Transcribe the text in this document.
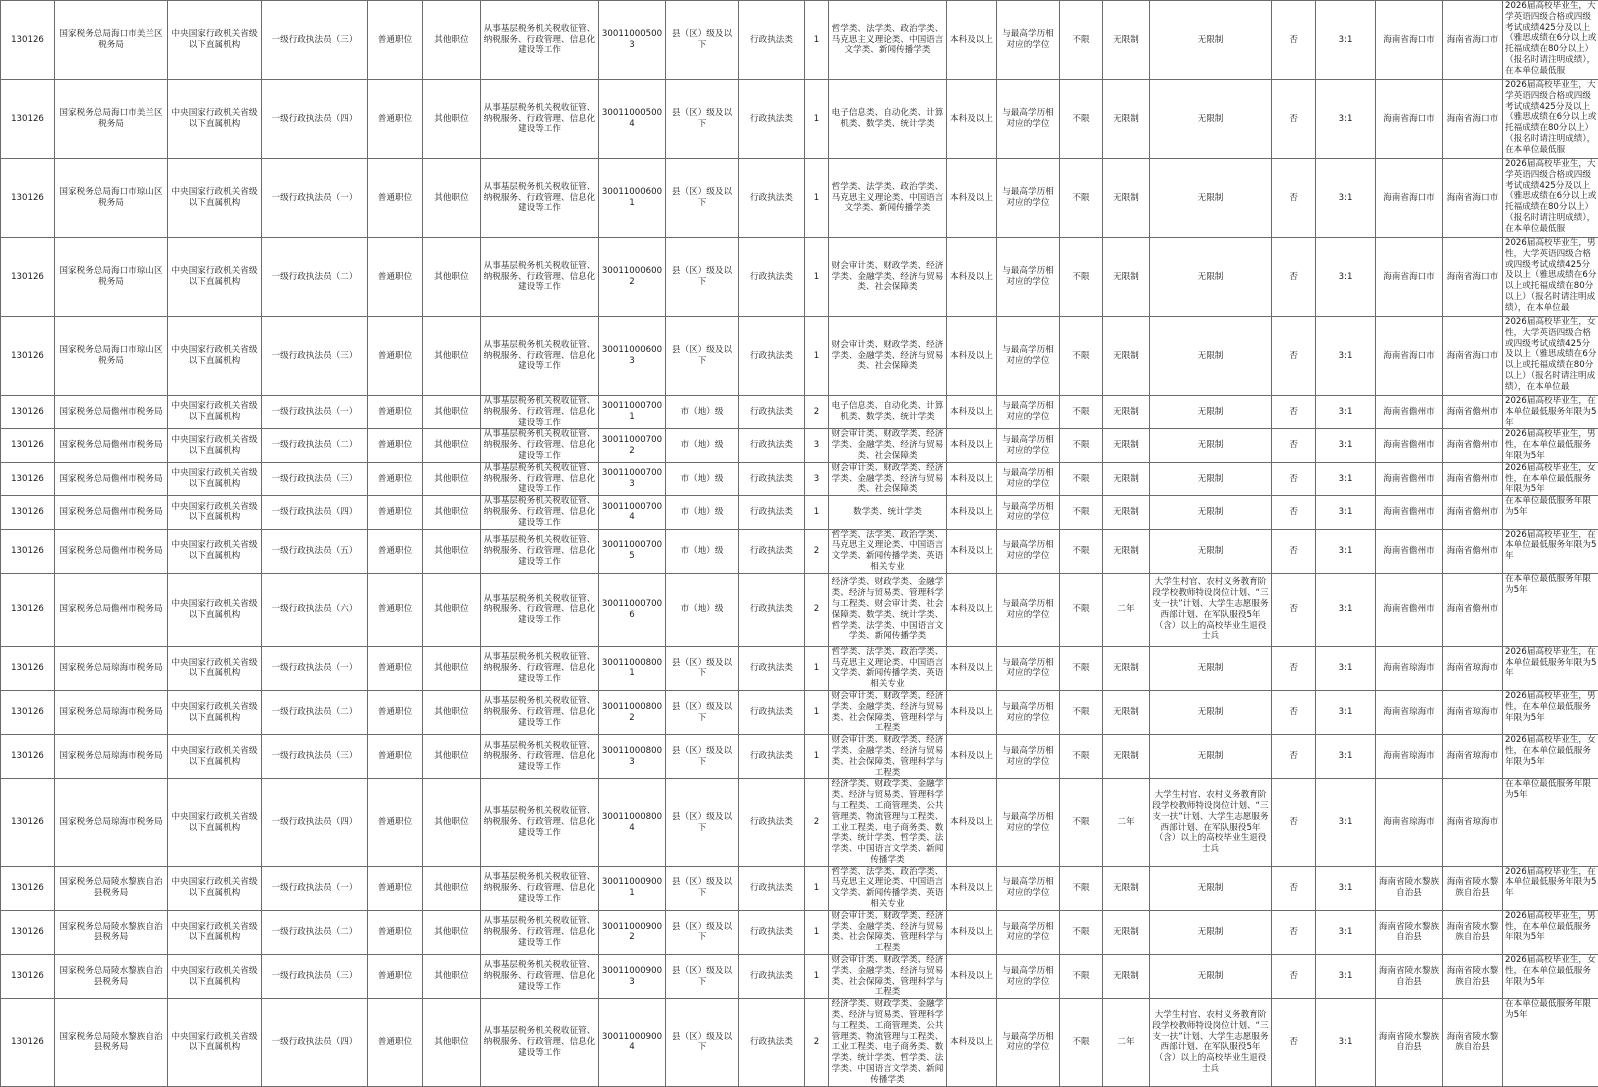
130126	国家税务总局海口市美兰区税务局	中央国家行政机关省级以下直属机构	一级行政执法员（三）	普通职位	其他职位	从事基层税务机关税收征管、纳税服务、行政管理、信息化建设等工作	300110005003	县（区）级及以下	行政执法类	1	哲学类、法学类、政治学类、马克思主义理论类、中国语言文学类、新闻传播学类	本科及以上	与最高学历相对应的学位	不限	无限制	无限制	否	3:1	海南省海口市	海南省海口市	2026届高校毕业生，大学英语四级合格或四级考试成绩425分及以上（雅思成绩在6分以上或托福成绩在80分以上）（报名时请注明成绩），在本单位最低服
130126	国家税务总局海口市美兰区税务局	中央国家行政机关省级以下直属机构	一级行政执法员（四）	普通职位	其他职位	从事基层税务机关税收征管、纳税服务、行政管理、信息化建设等工作	300110005004	县（区）级及以下	行政执法类	1	电子信息类、自动化类、计算机类、数学类、统计学类	本科及以上	与最高学历相对应的学位	不限	无限制	无限制	否	3:1	海南省海口市	海南省海口市	2026届高校毕业生，大学英语四级合格或四级考试成绩425分及以上（雅思成绩在6分以上或托福成绩在80分以上）（报名时请注明成绩），在本单位最低服
130126	国家税务总局海口市琼山区税务局	中央国家行政机关省级以下直属机构	一级行政执法员（一）	普通职位	其他职位	从事基层税务机关税收征管、纳税服务、行政管理、信息化建设等工作	300110006001	县（区）级及以下	行政执法类	1	哲学类、法学类、政治学类、马克思主义理论类、中国语言文学类、新闻传播学类	本科及以上	与最高学历相对应的学位	不限	无限制	无限制	否	3:1	海南省海口市	海南省海口市	2026届高校毕业生，大学英语四级合格或四级考试成绩425分及以上（雅思成绩在6分以上或托福成绩在80分以上）（报名时请注明成绩），在本单位最低服
130126	国家税务总局海口市琼山区税务局	中央国家行政机关省级以下直属机构	一级行政执法员（二）	普通职位	其他职位	从事基层税务机关税收征管、纳税服务、行政管理、信息化建设等工作	300110006002	县（区）级及以下	行政执法类	1	财会审计类、财政学类、经济学类、金融学类、经济与贸易类、社会保障类	本科及以上	与最高学历相对应的学位	不限	无限制	无限制	否	3:1	海南省海口市	海南省海口市	2026届高校毕业生，男性，大学英语四级合格或四级考试成绩425分及以上（雅思成绩在6分以上或托福成绩在80分以上）（报名时请注明成绩），在本单位最
130126	国家税务总局海口市琼山区税务局	中央国家行政机关省级以下直属机构	一级行政执法员（三）	普通职位	其他职位	从事基层税务机关税收征管、纳税服务、行政管理、信息化建设等工作	300110006003	县（区）级及以下	行政执法类	1	财会审计类、财政学类、经济学类、金融学类、经济与贸易类、社会保障类	本科及以上	与最高学历相对应的学位	不限	无限制	无限制	否	3:1	海南省海口市	海南省海口市	2026届高校毕业生，女性，大学英语四级合格或四级考试成绩425分及以上（雅思成绩在6分以上或托福成绩在80分以上）（报名时请注明成绩），在本单位最
130126	国家税务总局儋州市税务局	中央国家行政机关省级以下直属机构	一级行政执法员（一）	普通职位	其他职位	从事基层税务机关税收征管、纳税服务、行政管理、信息化建设等工作	300110007001	市（地）级	行政执法类	2	电子信息类、自动化类、计算机类、数学类、统计学类	本科及以上	与最高学历相对应的学位	不限	无限制	无限制	否	3:1	海南省儋州市	海南省儋州市	2026届高校毕业生，在本单位最低服务年限为5年
130126	国家税务总局儋州市税务局	中央国家行政机关省级以下直属机构	一级行政执法员（二）	普通职位	其他职位	从事基层税务机关税收征管、纳税服务、行政管理、信息化建设等工作	300110007002	市（地）级	行政执法类	3	财会审计类、财政学类、经济学类、金融学类、经济与贸易类、社会保障类	本科及以上	与最高学历相对应的学位	不限	无限制	无限制	否	3:1	海南省儋州市	海南省儋州市	2026届高校毕业生，男性，在本单位最低服务年限为5年
130126	国家税务总局儋州市税务局	中央国家行政机关省级以下直属机构	一级行政执法员（三）	普通职位	其他职位	从事基层税务机关税收征管、纳税服务、行政管理、信息化建设等工作	300110007003	市（地）级	行政执法类	3	财会审计类、财政学类、经济学类、金融学类、经济与贸易类、社会保障类	本科及以上	与最高学历相对应的学位	不限	无限制	无限制	否	3:1	海南省儋州市	海南省儋州市	2026届高校毕业生，女性，在本单位最低服务年限为5年
130126	国家税务总局儋州市税务局	中央国家行政机关省级以下直属机构	一级行政执法员（四）	普通职位	其他职位	从事基层税务机关税收征管、纳税服务、行政管理、信息化建设等工作	300110007004	市（地）级	行政执法类	1	数学类、统计学类	本科及以上	与最高学历相对应的学位	不限	无限制	无限制	否	3:1	海南省儋州市	海南省儋州市	在本单位最低服务年限为5年
130126	国家税务总局儋州市税务局	中央国家行政机关省级以下直属机构	一级行政执法员（五）	普通职位	其他职位	从事基层税务机关税收征管、纳税服务、行政管理、信息化建设等工作	300110007005	市（地）级	行政执法类	2	哲学类、法学类、政治学类、马克思主义理论类、中国语言文学类、新闻传播学类、英语相关专业	本科及以上	与最高学历相对应的学位	不限	无限制	无限制	否	3:1	海南省儋州市	海南省儋州市	2026届高校毕业生，在本单位最低服务年限为5年
130126	国家税务总局儋州市税务局	中央国家行政机关省级以下直属机构	一级行政执法员（六）	普通职位	其他职位	从事基层税务机关税收征管、纳税服务、行政管理、信息化建设等工作	300110007006	市（地）级	行政执法类	2	经济学类、财政学类、金融学类、经济与贸易类、管理科学与工程类、财会审计类、社会保障类、数学类、统计学类、哲学类、法学类、中国语言文学类、新闻传播学类	本科及以上	与最高学历相对应的学位	不限	二年	大学生村官、农村义务教育阶段学校教师特设岗位计划、“三支一扶”计划、大学生志愿服务西部计划、在军队服役5年（含）以上的高校毕业生退役士兵	否	3:1	海南省儋州市	海南省儋州市	在本单位最低服务年限为5年
130126	国家税务总局琼海市税务局	中央国家行政机关省级以下直属机构	一级行政执法员（一）	普通职位	其他职位	从事基层税务机关税收征管、纳税服务、行政管理、信息化建设等工作	300110008001	县（区）级及以下	行政执法类	1	哲学类、法学类、政治学类、马克思主义理论类、中国语言文学类、新闻传播学类、英语相关专业	本科及以上	与最高学历相对应的学位	不限	无限制	无限制	否	3:1	海南省琼海市	海南省琼海市	2026届高校毕业生，在本单位最低服务年限为5年
130126	国家税务总局琼海市税务局	中央国家行政机关省级以下直属机构	一级行政执法员（二）	普通职位	其他职位	从事基层税务机关税收征管、纳税服务、行政管理、信息化建设等工作	300110008002	县（区）级及以下	行政执法类	1	财会审计类、财政学类、经济学类、金融学类、经济与贸易类、社会保障类、管理科学与工程类	本科及以上	与最高学历相对应的学位	不限	无限制	无限制	否	3:1	海南省琼海市	海南省琼海市	2026届高校毕业生，男性，在本单位最低服务年限为5年
130126	国家税务总局琼海市税务局	中央国家行政机关省级以下直属机构	一级行政执法员（三）	普通职位	其他职位	从事基层税务机关税收征管、纳税服务、行政管理、信息化建设等工作	300110008003	县（区）级及以下	行政执法类	1	财会审计类、财政学类、经济学类、金融学类、经济与贸易类、社会保障类、管理科学与工程类	本科及以上	与最高学历相对应的学位	不限	无限制	无限制	否	3:1	海南省琼海市	海南省琼海市	2026届高校毕业生，女性，在本单位最低服务年限为5年
130126	国家税务总局琼海市税务局	中央国家行政机关省级以下直属机构	一级行政执法员（四）	普通职位	其他职位	从事基层税务机关税收征管、纳税服务、行政管理、信息化建设等工作	300110008004	县（区）级及以下	行政执法类	2	经济学类、财政学类、金融学类、经济与贸易类、管理科学与工程类、工商管理类、公共管理类、物流管理与工程类、工业工程类、电子商务类、数学类、统计学类、哲学类、法学类、中国语言文学类、新闻传播学类	本科及以上	与最高学历相对应的学位	不限	二年	大学生村官、农村义务教育阶段学校教师特设岗位计划、“三支一扶”计划、大学生志愿服务西部计划、在军队服役5年（含）以上的高校毕业生退役士兵	否	3:1	海南省琼海市	海南省琼海市	在本单位最低服务年限为5年
130126	国家税务总局陵水黎族自治县税务局	中央国家行政机关省级以下直属机构	一级行政执法员（一）	普通职位	其他职位	从事基层税务机关税收征管、纳税服务、行政管理、信息化建设等工作	300110009001	县（区）级及以下	行政执法类	1	哲学类、法学类、政治学类、马克思主义理论类、中国语言文学类、新闻传播学类、英语相关专业	本科及以上	与最高学历相对应的学位	不限	无限制	无限制	否	3:1	海南省陵水黎族自治县	海南省陵水黎族自治县	2026届高校毕业生，在本单位最低服务年限为5年
130126	国家税务总局陵水黎族自治县税务局	中央国家行政机关省级以下直属机构	一级行政执法员（二）	普通职位	其他职位	从事基层税务机关税收征管、纳税服务、行政管理、信息化建设等工作	300110009002	县（区）级及以下	行政执法类	1	财会审计类、财政学类、经济学类、金融学类、经济与贸易类、社会保障类、管理科学与工程类	本科及以上	与最高学历相对应的学位	不限	无限制	无限制	否	3:1	海南省陵水黎族自治县	海南省陵水黎族自治县	2026届高校毕业生，男性，在本单位最低服务年限为5年
130126	国家税务总局陵水黎族自治县税务局	中央国家行政机关省级以下直属机构	一级行政执法员（三）	普通职位	其他职位	从事基层税务机关税收征管、纳税服务、行政管理、信息化建设等工作	300110009003	县（区）级及以下	行政执法类	1	财会审计类、财政学类、经济学类、金融学类、经济与贸易类、社会保障类、管理科学与工程类	本科及以上	与最高学历相对应的学位	不限	无限制	无限制	否	3:1	海南省陵水黎族自治县	海南省陵水黎族自治县	2026届高校毕业生，女性，在本单位最低服务年限为5年
130126	国家税务总局陵水黎族自治县税务局	中央国家行政机关省级以下直属机构	一级行政执法员（四）	普通职位	其他职位	从事基层税务机关税收征管、纳税服务、行政管理、信息化建设等工作	300110009004	县（区）级及以下	行政执法类	2	经济学类、财政学类、金融学类、经济与贸易类、管理科学与工程类、工商管理类、公共管理类、物流管理与工程类、工业工程类、电子商务类、数学类、统计学类、哲学类、法学类、中国语言文学类、新闻传播学类	本科及以上	与最高学历相对应的学位	不限	二年	大学生村官、农村义务教育阶段学校教师特设岗位计划、“三支一扶”计划、大学生志愿服务西部计划、在军队服役5年（含）以上的高校毕业生退役士兵	否	3:1	海南省陵水黎族自治县	海南省陵水黎族自治县	在本单位最低服务年限为5年
